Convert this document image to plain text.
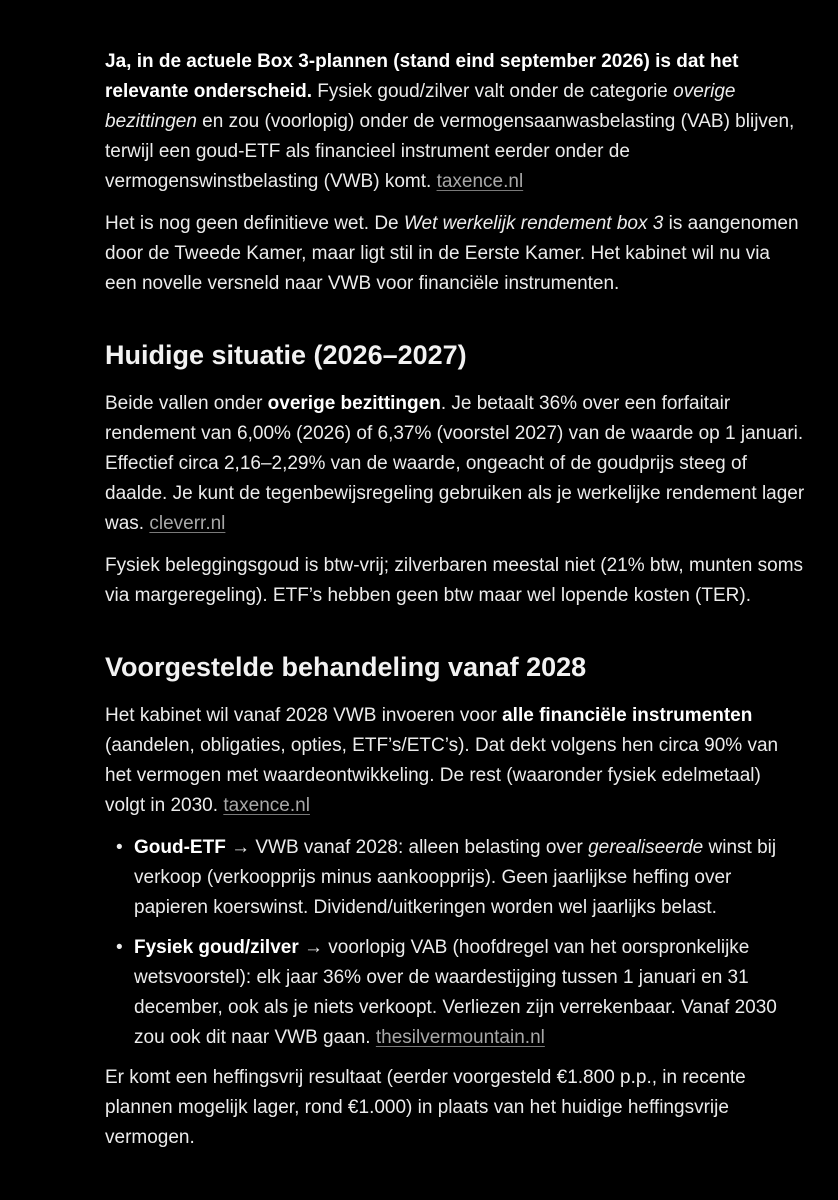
Ja, in de actuele Box 3-plannen (stand eind september 2026) is dat het relevante onderscheid. Fysiek goud/zilver valt onder de categorie overige bezittingen en zou (voorlopig) onder de vermogensaanwasbelasting (VAB) blijven, terwijl een goud-ETF als financieel instrument eerder onder de vermogenswinstbelasting (VWB) komt. taxence.nl

Het is nog geen definitieve wet. De Wet werkelijk rendement box 3 is aangenomen door de Tweede Kamer, maar ligt stil in de Eerste Kamer. Het kabinet wil nu via een novelle versneld naar VWB voor financiële instrumenten.

Huidige situatie (2026–2027)

Beide vallen onder overige bezittingen. Je betaalt 36% over een forfaitair rendement van 6,00% (2026) of 6,37% (voorstel 2027) van de waarde op 1 januari. Effectief circa 2,16–2,29% van de waarde, ongeacht of de goudprijs steeg of daalde. Je kunt de tegenbewijsregeling gebruiken als je werkelijke rendement lager was. cleverr.nl

Fysiek beleggingsgoud is btw-vrij; zilverbaren meestal niet (21% btw, munten soms via margeregeling). ETF’s hebben geen btw maar wel lopende kosten (TER).

Voorgestelde behandeling vanaf 2028

Het kabinet wil vanaf 2028 VWB invoeren voor alle financiële instrumenten (aandelen, obligaties, opties, ETF’s/ETC’s). Dat dekt volgens hen circa 90% van het vermogen met waardeontwikkeling. De rest (waaronder fysiek edelmetaal) volgt in 2030. taxence.nl

• Goud-ETF → VWB vanaf 2028: alleen belasting over gerealiseerde winst bij verkoop (verkoopprijs minus aankoopprijs). Geen jaarlijkse heffing over papieren koerswinst. Dividend/uitkeringen worden wel jaarlijks belast.
• Fysiek goud/zilver → voorlopig VAB (hoofdregel van het oorspronkelijke wetsvoorstel): elk jaar 36% over de waardestijging tussen 1 januari en 31 december, ook als je niets verkoopt. Verliezen zijn verrekenbaar. Vanaf 2030 zou ook dit naar VWB gaan. thesilvermountain.nl

Er komt een heffingsvrij resultaat (eerder voorgesteld €1.800 p.p., in recente plannen mogelijk lager, rond €1.000) in plaats van het huidige heffingsvrije vermogen.
